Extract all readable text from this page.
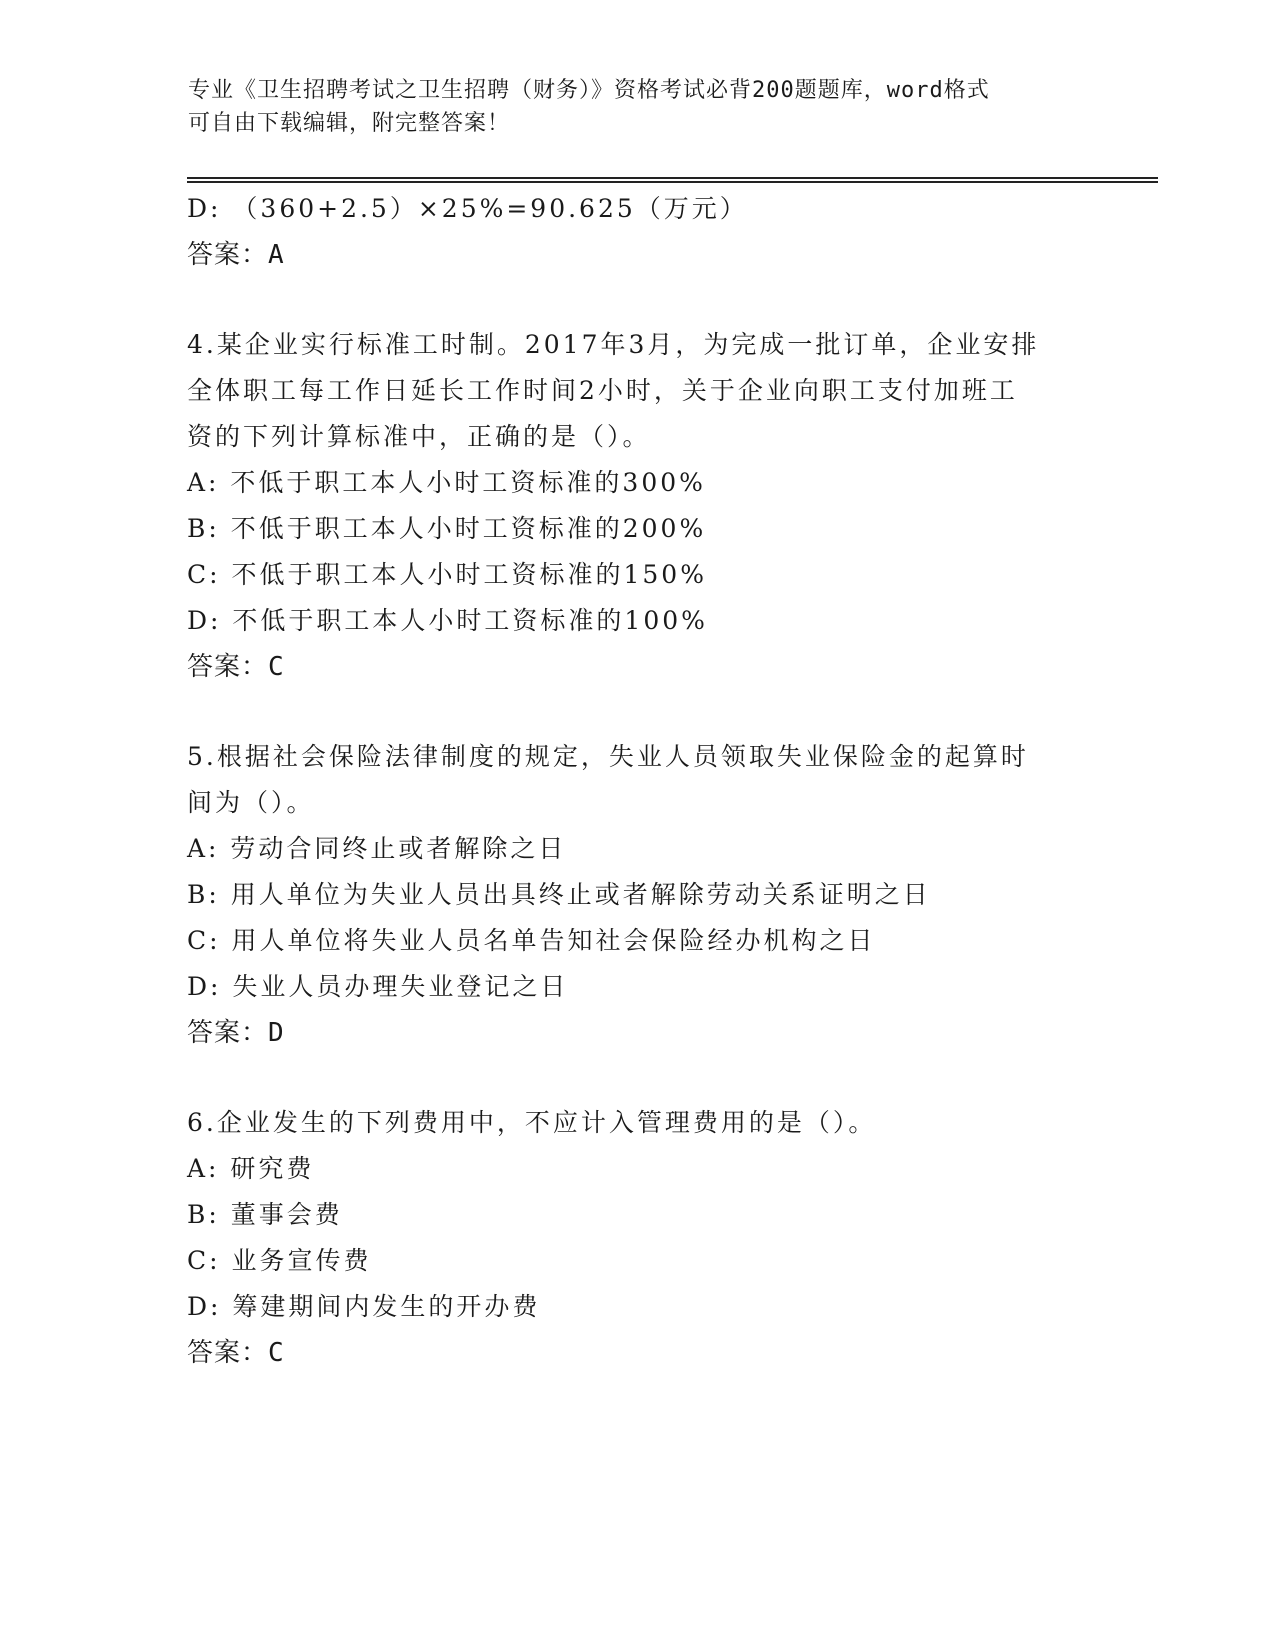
专业《卫生招聘考试之卫生招聘（财务）》资格考试必背200题题库，word格式
可自由下载编辑，附完整答案！
D: （360+2.5）×25%=90.625（万元）
答案：A
4.某企业实行标准工时制。2017年3月，为完成一批订单，企业安排
全体职工每工作日延长工作时间2小时，关于企业向职工支付加班工
资的下列计算标准中，正确的是（）。
A: 不低于职工本人小时工资标准的300%
B: 不低于职工本人小时工资标准的200%
C: 不低于职工本人小时工资标准的150%
D: 不低于职工本人小时工资标准的100%
答案：C
5.根据社会保险法律制度的规定，失业人员领取失业保险金的起算时
间为（）。
A: 劳动合同终止或者解除之日
B: 用人单位为失业人员出具终止或者解除劳动关系证明之日
C: 用人单位将失业人员名单告知社会保险经办机构之日
D: 失业人员办理失业登记之日
答案：D
6.企业发生的下列费用中，不应计入管理费用的是（）。
A: 研究费
B: 董事会费
C: 业务宣传费
D: 筹建期间内发生的开办费
答案：C
